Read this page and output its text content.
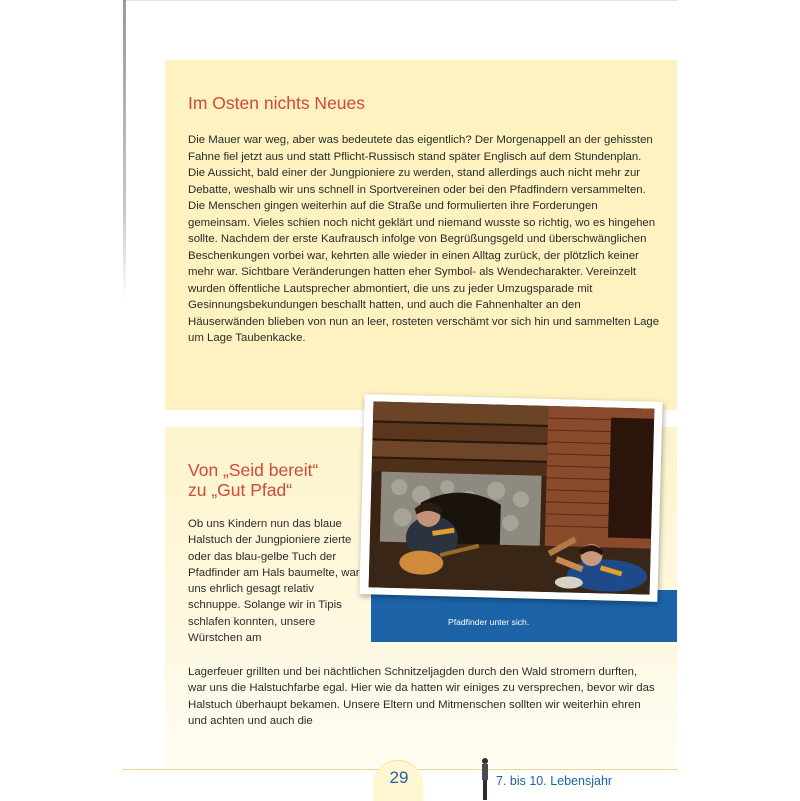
Im Osten nichts Neues

Die Mauer war weg, aber was bedeutete das eigentlich? Der Morgenappell an der gehissten Fahne fiel jetzt aus und statt Pflicht-Russisch stand später Englisch auf dem Stundenplan. Die Aussicht, bald einer der Jungpioniere zu werden, stand allerdings auch nicht mehr zur Debatte, weshalb wir uns schnell in Sportvereinen oder bei den Pfadfindern versammelten. Die Menschen gingen weiterhin auf die Straße und formulierten ihre Forderungen gemeinsam. Vieles schien noch nicht geklärt und niemand wusste so richtig, wo es hingehen sollte. Nachdem der erste Kaufrausch infolge von Begrüßungsgeld und überschwänglichen Beschenkungen vorbei war, kehrten alle wieder in einen Alltag zurück, der plötzlich keiner mehr war. Sichtbare Veränderungen hatten eher Symbol- als Wendecharakter. Vereinzelt wurden öffentliche Lautsprecher abmontiert, die uns zu jeder Umzugsparade mit Gesinnungsbekundungen beschallt hatten, und auch die Fahnenhalter an den Häuserwänden blieben von nun an leer, rosteten verschämt vor sich hin und sammelten Lage um Lage Taubenkacke.

Von „Seid bereit“
zu „Gut Pfad“

Ob uns Kindern nun das blaue Halstuch der Jungpioniere zierte oder das blau-gelbe Tuch der Pfadfinder am Hals baumelte, war uns ehrlich gesagt relativ schnuppe. Solange wir in Tipis schlafen konnten, unsere Würstchen am

Lagerfeuer grillten und bei nächtlichen Schnitzeljagden durch den Wald stromern durften, war uns die Halstuchfarbe egal. Hier wie da hatten wir einiges zu versprechen, bevor wir das Halstuch überhaupt bekamen. Unsere Eltern und Mitmenschen sollten wir weiterhin ehren und achten und auch die

Pfadfinder unter sich.

29	7. bis 10. Lebensjahr
